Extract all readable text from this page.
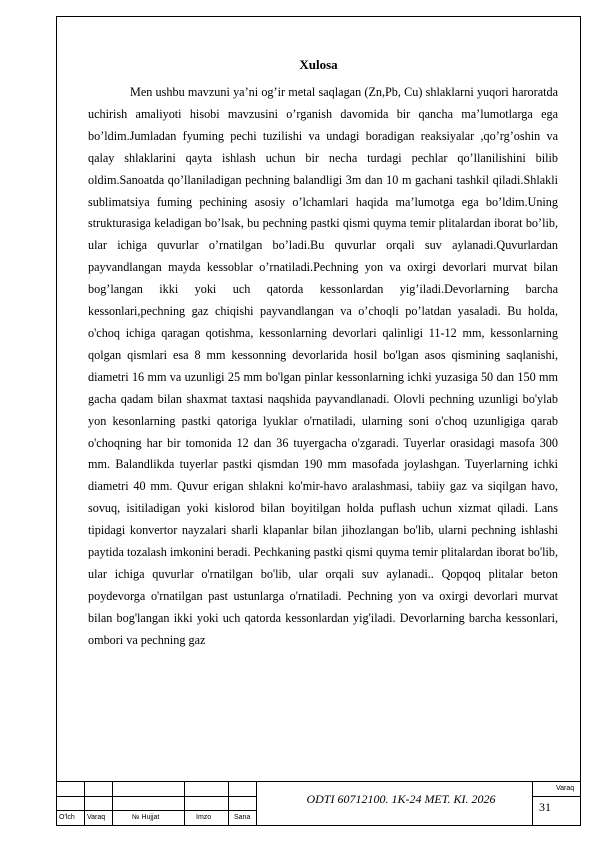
Xulosa
Men ushbu mavzuni ya’ni og’ir metal saqlagan (Zn,Pb, Cu) shlaklarni yuqori haroratda uchirish amaliyoti hisobi mavzusini o’rganish davomida bir qancha ma’lumotlarga ega bo’ldim.Jumladan fyuming pechi tuzilishi va undagi boradigan reaksiyalar ,qo’rg’oshin va qalay shlaklarini qayta ishlash uchun bir necha turdagi pechlar qo’llanilishini bilib oldim.Sanoatda qo’llaniladigan pechning balandligi 3m dan 10 m gachani tashkil qiladi.Shlakli sublimatsiya fuming pechining asosiy o’lchamlari haqida ma’lumotga ega bo’ldim.Uning strukturasiga keladigan bo’lsak, bu pechning pastki qismi quyma temir plitalardan iborat bo’lib, ular ichiga quvurlar o’rnatilgan bo’ladi.Bu quvurlar orqali suv aylanadi.Quvurlardan payvandlangan mayda kessoblar o’rnatiladi.Pechning yon va oxirgi devorlari murvat bilan bog’langan ikki yoki uch qatorda kessonlardan yig’iladi.Devorlarning barcha kessonlari,pechning gaz chiqishi payvandlangan va o’choqli po’latdan yasaladi. Bu holda, o'choq ichiga qaragan qotishma, kessonlarning devorlari qalinligi 11-12 mm, kessonlarning qolgan qismlari esa 8 mm kessonning devorlarida hosil bo'lgan asos qismining saqlanishi, diametri 16 mm va uzunligi 25 mm bo'lgan pinlar kessonlarning ichki yuzasiga 50 dan 150 mm gacha qadam bilan shaxmat taxtasi naqshida payvandlanadi. Olovli pechning uzunligi bo'ylab yon kesonlarning pastki qatoriga lyuklar o'rnatiladi, ularning soni o'choq uzunligiga qarab o'choqning har bir tomonida 12 dan 36 tuyergacha o'zgaradi. Tuyerlar orasidagi masofa 300 mm. Balandlikda tuyerlar pastki qismdan 190 mm masofada joylashgan. Tuyerlarning ichki diametri 40 mm. Quvur erigan shlakni ko'mir-havo aralashmasi, tabiiy gaz va siqilgan havo, sovuq, isitiladigan yoki kislorod bilan boyitilgan holda puflash uchun xizmat qiladi. Lans tipidagi konvertor nayzalari sharli klapanlar bilan jihozlangan bo'lib, ularni pechning ishlashi paytida tozalash imkonini beradi. Pechkaning pastki qismi quyma temir plitalardan iborat bo'lib, ular ichiga quvurlar o'rnatilgan bo'lib, ular orqali suv aylanadi.. Qopqoq plitalar beton poydevorga o'rnatilgan past ustunlarga o'rnatiladi. Pechning yon va oxirgi devorlari murvat bilan bog'langan ikki yoki uch qatorda kessonlardan yig'iladi. Devorlarning barcha kessonlari, ombori va pechning gaz
O'lch Varaq	№ Hujjat	Imzo	Sana
ODTI 60712100. 1K-24 MET. KI. 2026
Varaq
31
